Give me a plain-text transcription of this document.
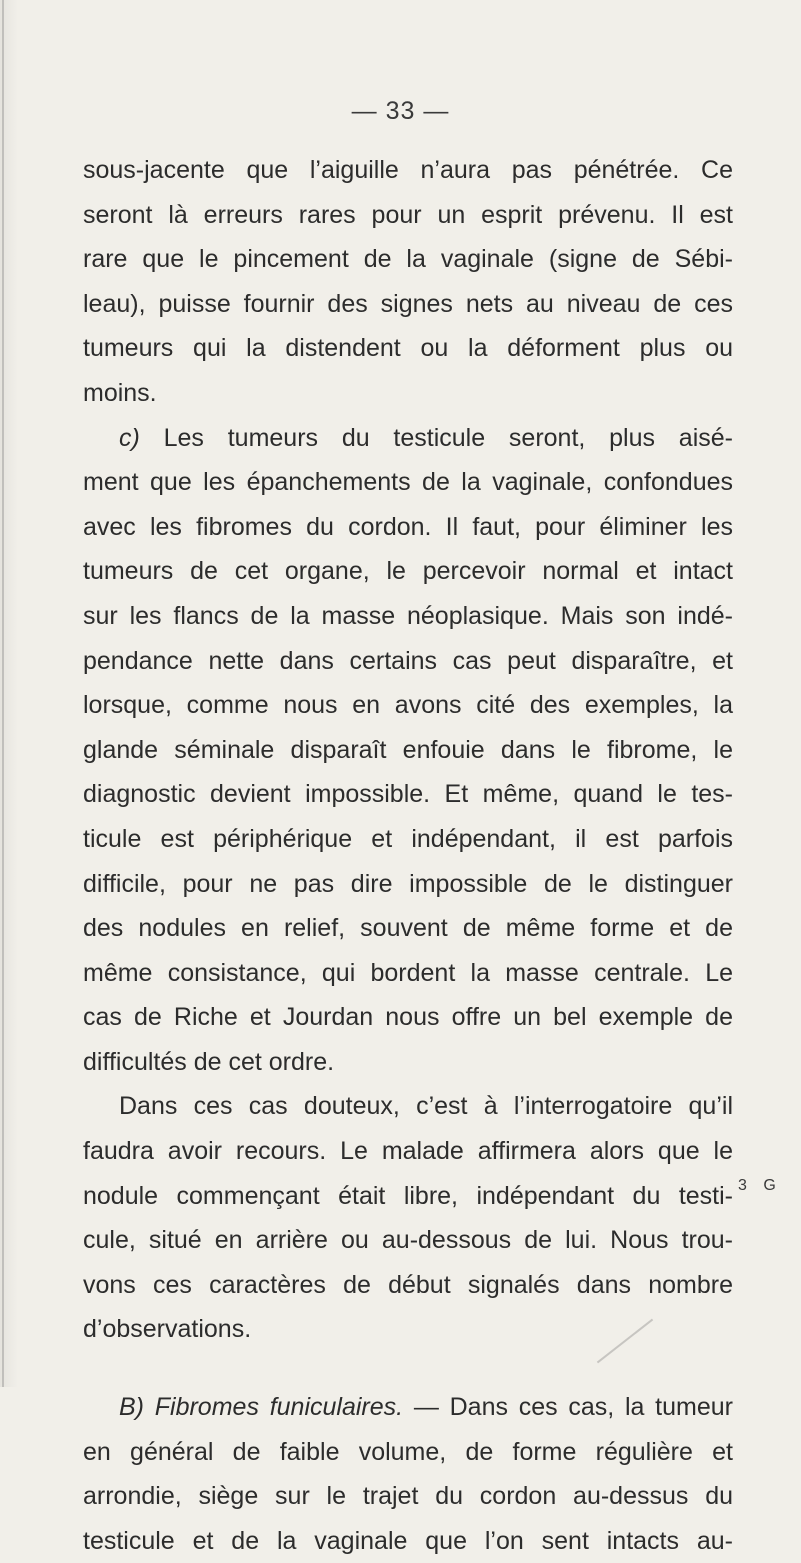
— 33 —
sous-jacente que l’aiguille n’aura pas pénétrée. Ce
seront là erreurs rares pour un esprit prévenu. Il est
rare que le pincement de la vaginale (signe de Sébi-
leau), puisse fournir des signes nets au niveau de ces
tumeurs qui la distendent ou la déforment plus ou
moins.
c) Les tumeurs du testicule seront, plus aisé-
ment que les épanchements de la vaginale, confondues
avec les fibromes du cordon. Il faut, pour éliminer les
tumeurs de cet organe, le percevoir normal et intact
sur les flancs de la masse néoplasique. Mais son indé-
pendance nette dans certains cas peut disparaître, et
lorsque, comme nous en avons cité des exemples, la
glande séminale disparaît enfouie dans le fibrome, le
diagnostic devient impossible. Et même, quand le tes-
ticule est périphérique et indépendant, il est parfois
difficile, pour ne pas dire impossible de le distinguer
des nodules en relief, souvent de même forme et de
même consistance, qui bordent la masse centrale. Le
cas de Riche et Jourdan nous offre un bel exemple de
difficultés de cet ordre.
Dans ces cas douteux, c’est à l’interrogatoire qu’il
faudra avoir recours. Le malade affirmera alors que le
nodule commençant était libre, indépendant du testi-
cule, situé en arrière ou au-dessous de lui. Nous trou-
vons ces caractères de début signalés dans nombre
d’observations.
B) Fibromes funiculaires. — Dans ces cas, la tumeur
en général de faible volume, de forme régulière et
arrondie, siège sur le trajet du cordon au-dessus du
testicule et de la vaginale que l’on sent intacts au-
3 G
